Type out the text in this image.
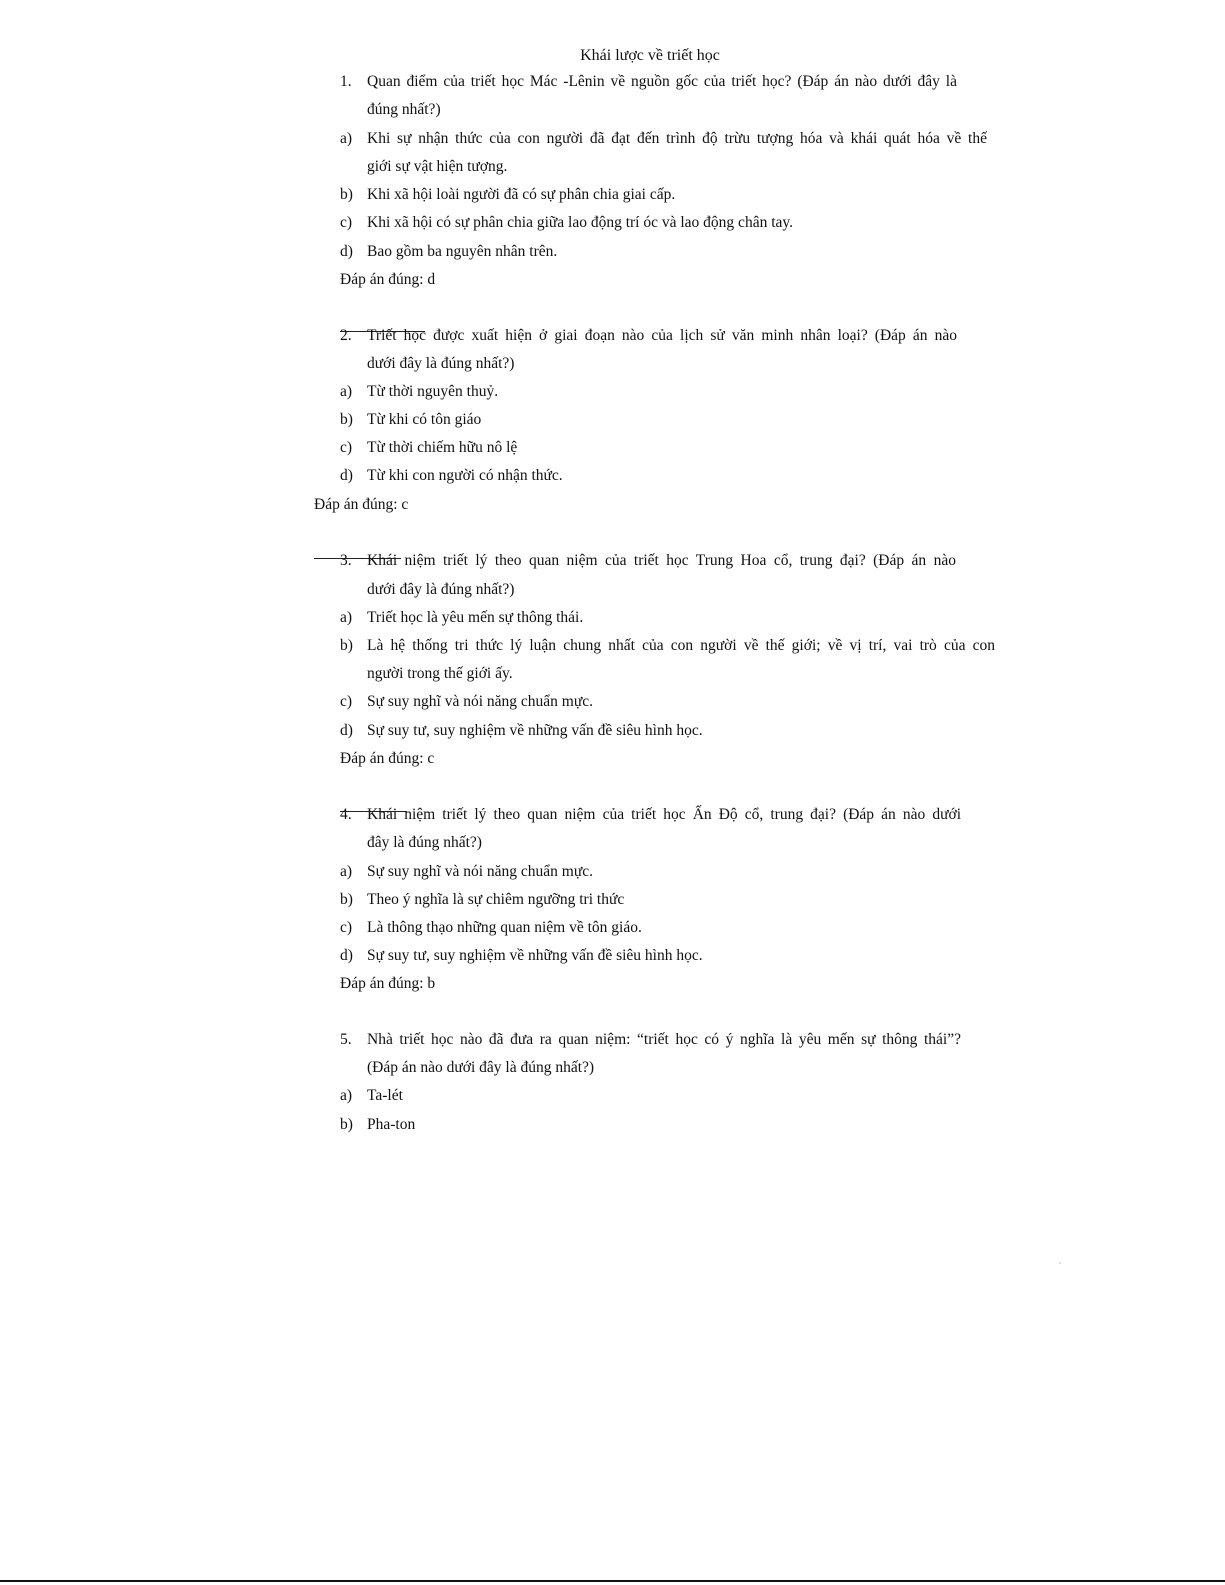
Khái lược về triết học
1. Quan điểm của triết học Mác -Lênin về nguồn gốc của triết học? (Đáp án nào dưới đây là
đúng nhất?)
a) Khi sự nhận thức của con người đã đạt đến trình độ trừu tượng hóa và khái quát hóa về thế
giới sự vật hiện tượng.
b) Khi xã hội loài người đã có sự phân chia giai cấp.
c) Khi xã hội có sự phân chia giữa lao động trí óc và lao động chân tay.
d) Bao gồm ba nguyên nhân trên.
Đáp án đúng: d
2. Triết học được xuất hiện ở giai đoạn nào của lịch sử văn minh nhân loại? (Đáp án nào
dưới đây là đúng nhất?)
a) Từ thời nguyên thuỷ.
b) Từ khi có tôn giáo
c) Từ thời chiếm hữu nô lệ
d) Từ khi con người có nhận thức.
Đáp án đúng: c
3. Khái niệm triết lý theo quan niệm của triết học Trung Hoa cổ, trung đại? (Đáp án nào
dưới đây là đúng nhất?)
a) Triết học là yêu mến sự thông thái.
b) Là hệ thống tri thức lý luận chung nhất của con người về thế giới; về vị trí, vai trò của con
người trong thế giới ấy.
c) Sự suy nghĩ và nói năng chuẩn mực.
d) Sự suy tư, suy nghiệm về những vấn đề siêu hình học.
Đáp án đúng: c
4. Khái niệm triết lý theo quan niệm của triết học Ấn Độ cổ, trung đại? (Đáp án nào dưới
đây là đúng nhất?)
a) Sự suy nghĩ và nói năng chuẩn mực.
b) Theo ý nghĩa là sự chiêm ngưỡng tri thức
c) Là thông thạo những quan niệm về tôn giáo.
d) Sự suy tư, suy nghiệm về những vấn đề siêu hình học.
Đáp án đúng: b
5. Nhà triết học nào đã đưa ra quan niệm: “triết học có ý nghĩa là yêu mến sự thông thái”?
(Đáp án nào dưới đây là đúng nhất?)
a) Ta-lét
b) Pha-ton
